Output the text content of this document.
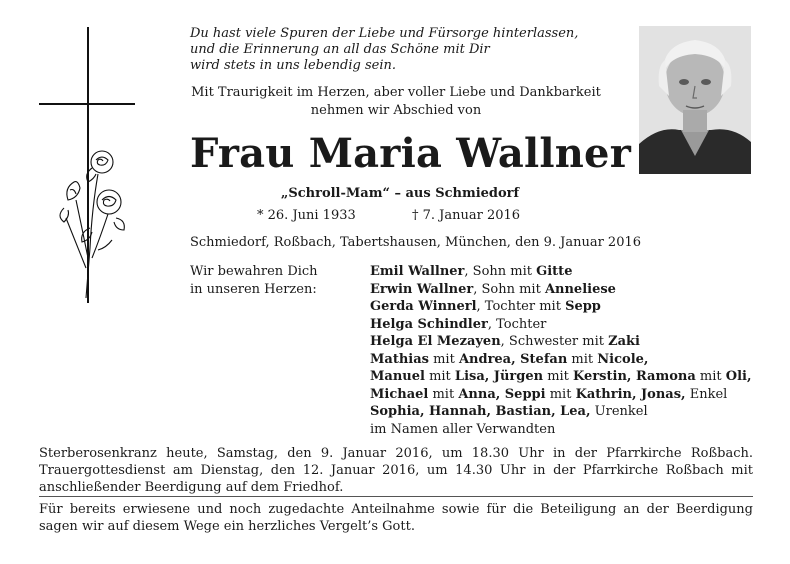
Du hast viele Spuren der Liebe und Fürsorge hinterlassen,
und die Erinnerung an all das Schöne mit Dir
wird stets in uns lebendig sein.
Mit Traurigkeit im Herzen, aber voller Liebe und Dankbarkeit
nehmen wir Abschied von
Frau Maria Wallner
„Schroll-Mam“ – aus Schmiedorf
* 26. Juni 1933	† 7. Januar 2016
Schmiedorf, Roßbach, Tabertshausen, München, den 9. Januar 2016
Wir bewahren Dich
in unseren Herzen:
Emil Wallner, Sohn mit Gitte
Erwin Wallner, Sohn mit Anneliese
Gerda Winnerl, Tochter mit Sepp
Helga Schindler, Tochter
Helga El Mezayen, Schwester mit Zaki
Mathias mit Andrea, Stefan mit Nicole,
Manuel mit Lisa, Jürgen mit Kerstin, Ramona mit Oli,
Michael mit Anna, Seppi mit Kathrin, Jonas, Enkel
Sophia, Hannah, Bastian, Lea, Urenkel
im Namen aller Verwandten
Sterberosenkranz heute, Samstag, den 9. Januar 2016, um 18.30 Uhr in der Pfarrkirche Roßbach. Trauergottesdienst am Dienstag, den 12. Januar 2016, um 14.30 Uhr in der Pfarrkirche Roßbach mit anschließender Beerdigung auf dem Friedhof.
Für bereits erwiesene und noch zugedachte Anteilnahme sowie für die Beteiligung an der Beerdigung sagen wir auf diesem Wege ein herzliches Vergelt’s Gott.
